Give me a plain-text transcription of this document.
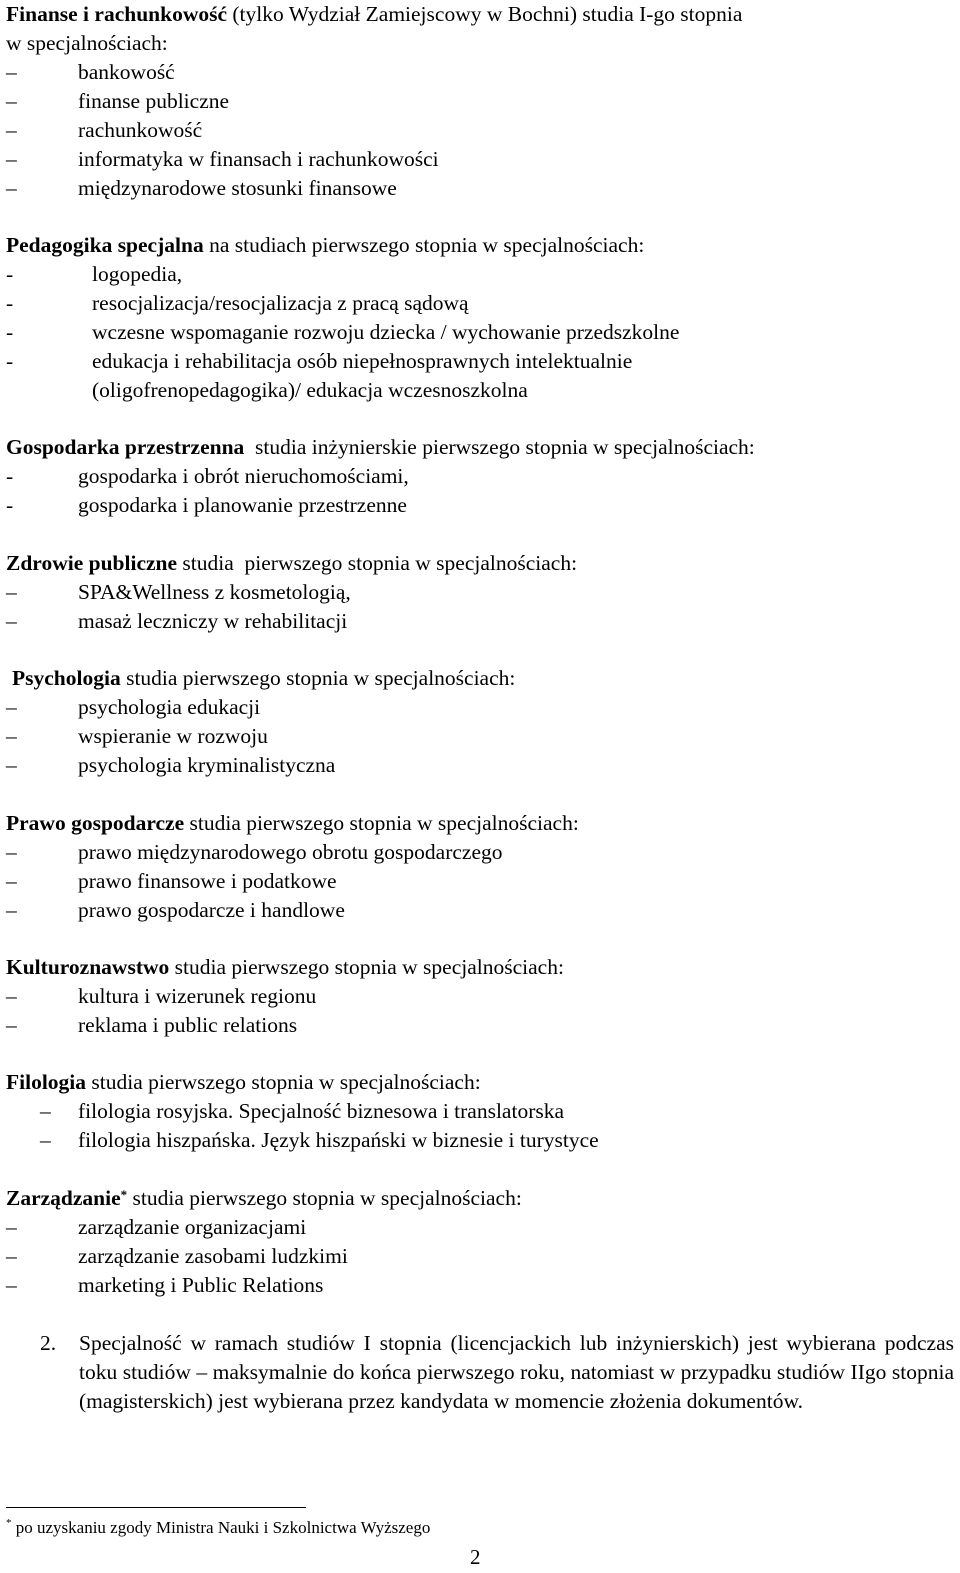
Finanse i rachunkowość (tylko Wydział Zamiejscowy w Bochni) studia I-go stopnia
w specjalnościach:
–	bankowość
–	finanse publiczne
–	rachunkowość
–	informatyka w finansach i rachunkowości
–	międzynarodowe stosunki finansowe
Pedagogika specjalna na studiach pierwszego stopnia w specjalnościach:
-	logopedia,
-	resocjalizacja/resocjalizacja z pracą sądową
-	wczesne wspomaganie rozwoju dziecka / wychowanie przedszkolne
-	edukacja i rehabilitacja osób niepełnosprawnych intelektualnie
(oligofrenopedagogika)/ edukacja wczesnoszkolna
Gospodarka przestrzenna  studia inżynierskie pierwszego stopnia w specjalnościach:
-	gospodarka i obrót nieruchomościami,
-	gospodarka i planowanie przestrzenne
Zdrowie publiczne studia  pierwszego stopnia w specjalnościach:
–	SPA&Wellness z kosmetologią,
–	masaż leczniczy w rehabilitacji
Psychologia studia pierwszego stopnia w specjalnościach:
–	psychologia edukacji
–	wspieranie w rozwoju
–	psychologia kryminalistyczna
Prawo gospodarcze studia pierwszego stopnia w specjalnościach:
–	prawo międzynarodowego obrotu gospodarczego
–	prawo finansowe i podatkowe
–	prawo gospodarcze i handlowe
Kulturoznawstwo studia pierwszego stopnia w specjalnościach:
–	kultura i wizerunek regionu
–	reklama i public relations
Filologia studia pierwszego stopnia w specjalnościach:
–	filologia rosyjska. Specjalność biznesowa i translatorska
–	filologia hiszpańska. Język hiszpański w biznesie i turystyce
Zarządzanie* studia pierwszego stopnia w specjalnościach:
–	zarządzanie organizacjami
–	zarządzanie zasobami ludzkimi
–	marketing i Public Relations
2. Specjalność w ramach studiów I stopnia (licencjackich lub inżynierskich) jest wybierana podczas toku studiów – maksymalnie do końca pierwszego roku, natomiast w przypadku studiów IIgo stopnia (magisterskich) jest wybierana przez kandydata w momencie złożenia dokumentów.
* po uzyskaniu zgody Ministra Nauki i Szkolnictwa Wyższego
2
